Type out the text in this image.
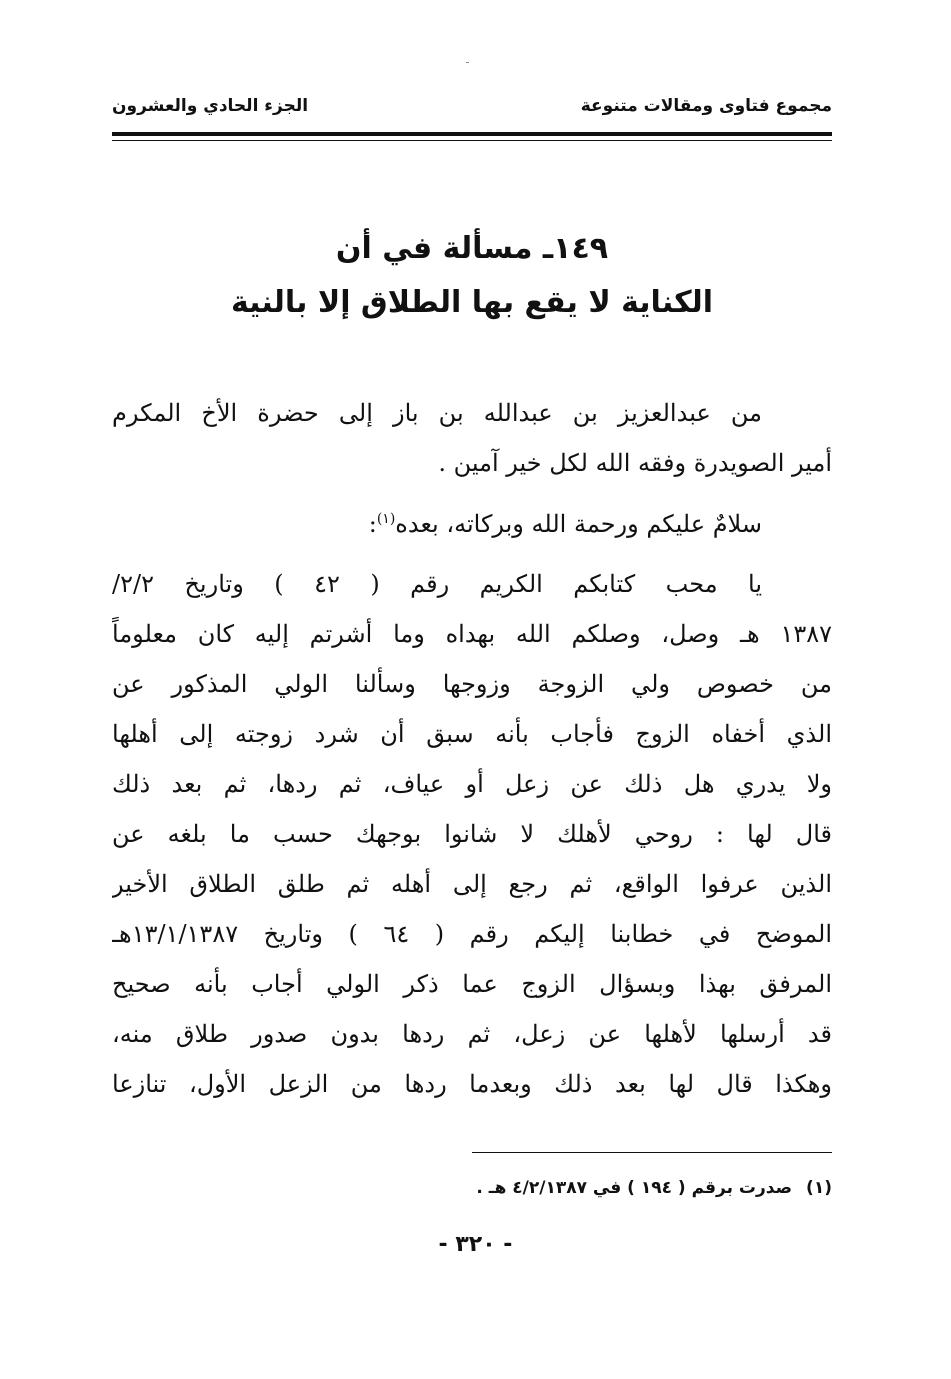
مجموع فتاوى ومقالات متنوعة
الجزء الحادي والعشرون
١٤٩ـ مسألة في أن
الكناية لا يقع بها الطلاق إلا بالنية

من عبدالعزيز بن عبدالله بن باز إلى حضرة الأخ المكرم
أمير الصويدرة وفقه الله لكل خير آمين .

سلامٌ عليكم ورحمة الله وبركاته، بعده$^{(١)}$:

يا محب كتابكم الكريم رقم ( ٤٢ ) وتاريخ ٢/٢/
١٣٨٧ هـ وصل، وصلكم الله بهداه وما أشرتم إليه كان معلوماً
من خصوص ولي الزوجة وزوجها وسألنا الولي المذكور عن
الذي أخفاه الزوج فأجاب بأنه سبق أن شرد زوجته إلى أهلها
ولا يدري هل ذلك عن زعل أو عياف، ثم ردها، ثم بعد ذلك
قال لها : روحي لأهلك لا شانوا بوجهك حسب ما بلغه عن
الذين عرفوا الواقع، ثم رجع إلى أهله ثم طلق الطلاق الأخير
الموضح في خطابنا إليكم رقم ( ٦٤ ) وتاريخ ١٣/١/١٣٨٧هـ
المرفق بهذا وبسؤال الزوج عما ذكر الولي أجاب بأنه صحيح
قد أرسلها لأهلها عن زعل، ثم ردها بدون صدور طلاق منه،
وهكذا قال لها بعد ذلك وبعدما ردها من الزعل الأول، تنازعا

(١)صدرت برقم ( ١٩٤ ) في ٤/٢/١٣٨٧ هـ .
- ٣٢٠ -
